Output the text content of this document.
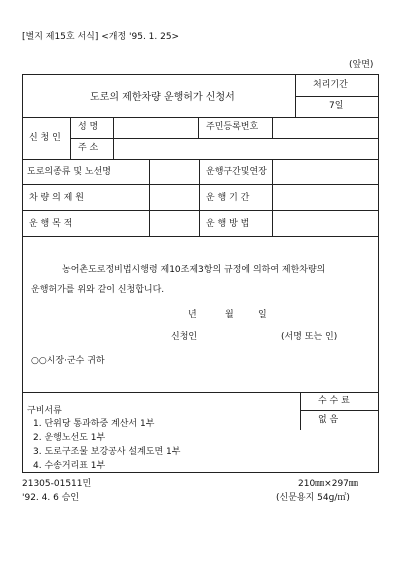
[별지 제15호 서식] <개정 '95. 1. 25>
(앞면)
도로의 제한차량 운행허가 신청서
처리기간
7일
신 청 인
성 명	주민등록번호
주 소
도로의종류 및 노선명	운행구간및연장
차 량 의 제 원	운 행 기 간
운 행 목 적	운 행 방 법
농어촌도로정비법시행령 제10조제3항의 규정에 의하여 제한차량의
운행허가를 위와 같이 신청합니다.
년	월	일
신청인	(서명 또는 인)
○○시장·군수 귀하
수 수 료
없 음
구비서류
1. 단위당 통과하중 계산서 1부
2. 운행노선도 1부
3. 도로구조물 보강공사 설계도면 1부
4. 수송거리표 1부
21305-01511민
'92. 4. 6 승인
210㎜×297㎜
(신문용지 54g/㎡)
